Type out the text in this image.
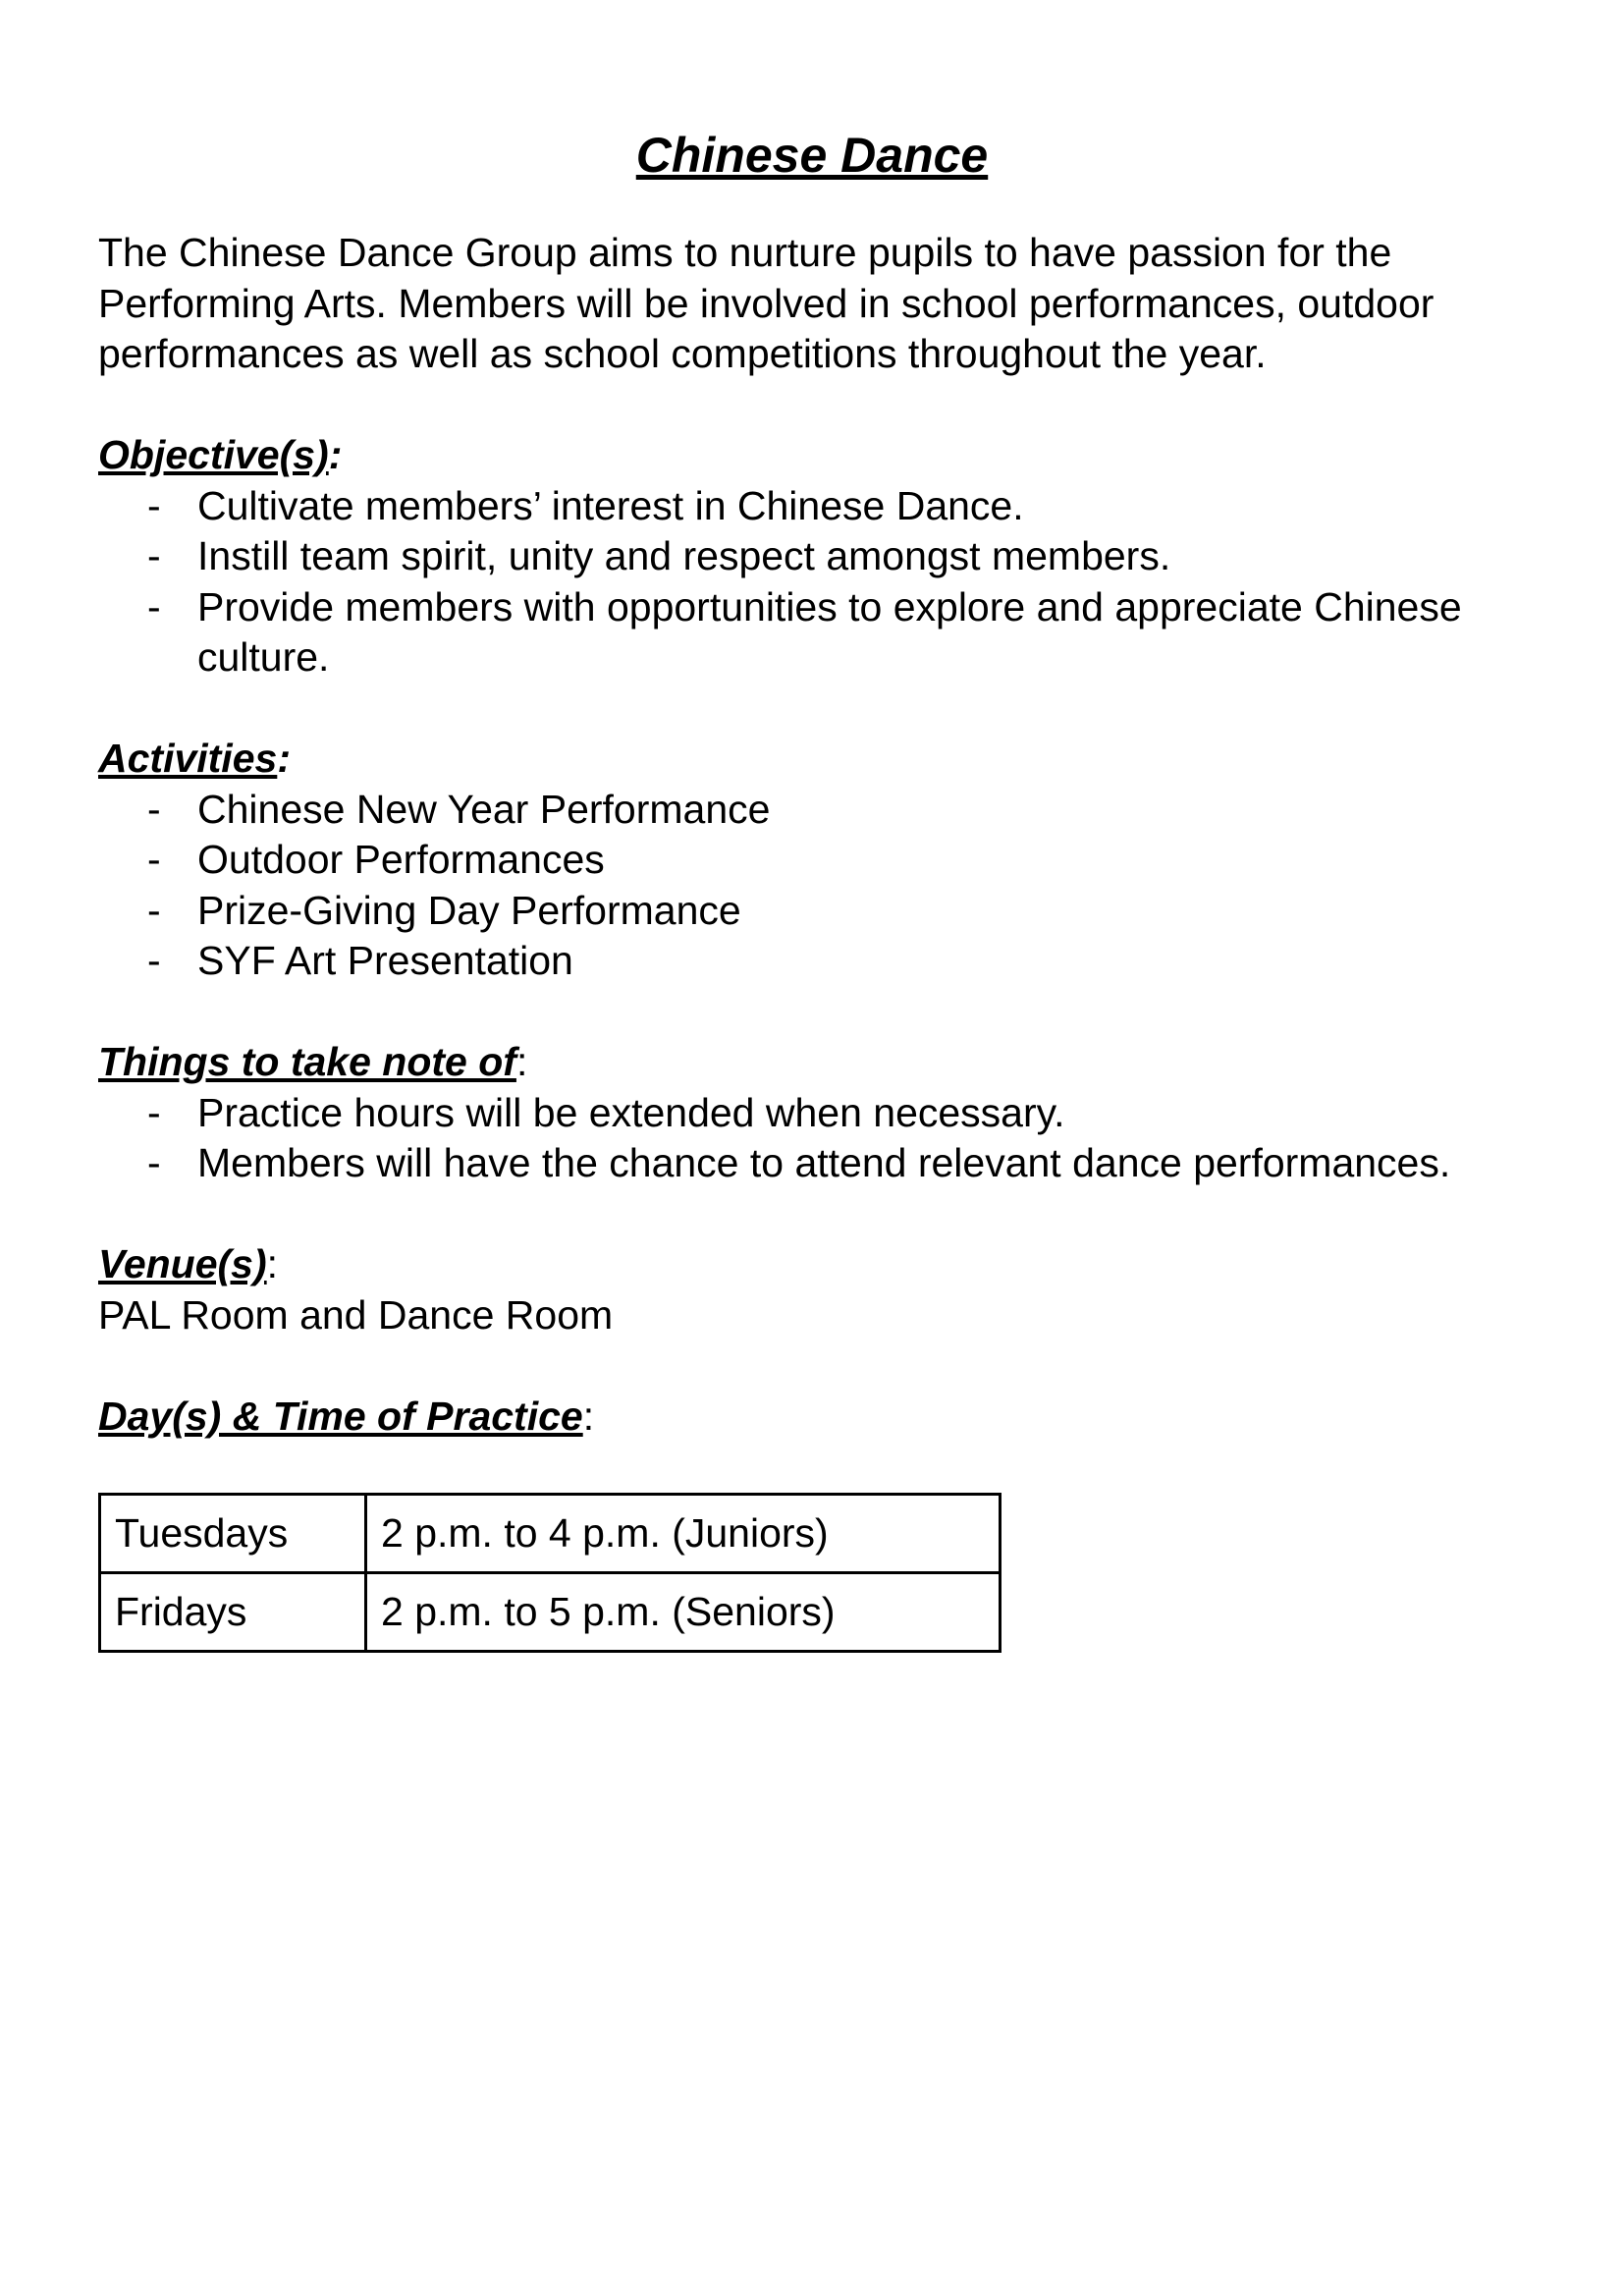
Chinese Dance

The Chinese Dance Group aims to nurture pupils to have passion for the Performing Arts. Members will be involved in school performances, outdoor performances as well as school competitions throughout the year.

Objective(s):

- Cultivate members’ interest in Chinese Dance.
- Instill team spirit, unity and respect amongst members.
- Provide members with opportunities to explore and appreciate Chinese culture.

Activities:

- Chinese New Year Performance
- Outdoor Performances
- Prize-Giving Day Performance
- SYF Art Presentation

Things to take note of:

- Practice hours will be extended when necessary.
- Members will have the chance to attend relevant dance performances.

Venue(s):

PAL Room and Dance Room

Day(s) & Time of Practice:

Tuesdays	2 p.m. to 4 p.m. (Juniors)
Fridays	2 p.m. to 5 p.m. (Seniors)
